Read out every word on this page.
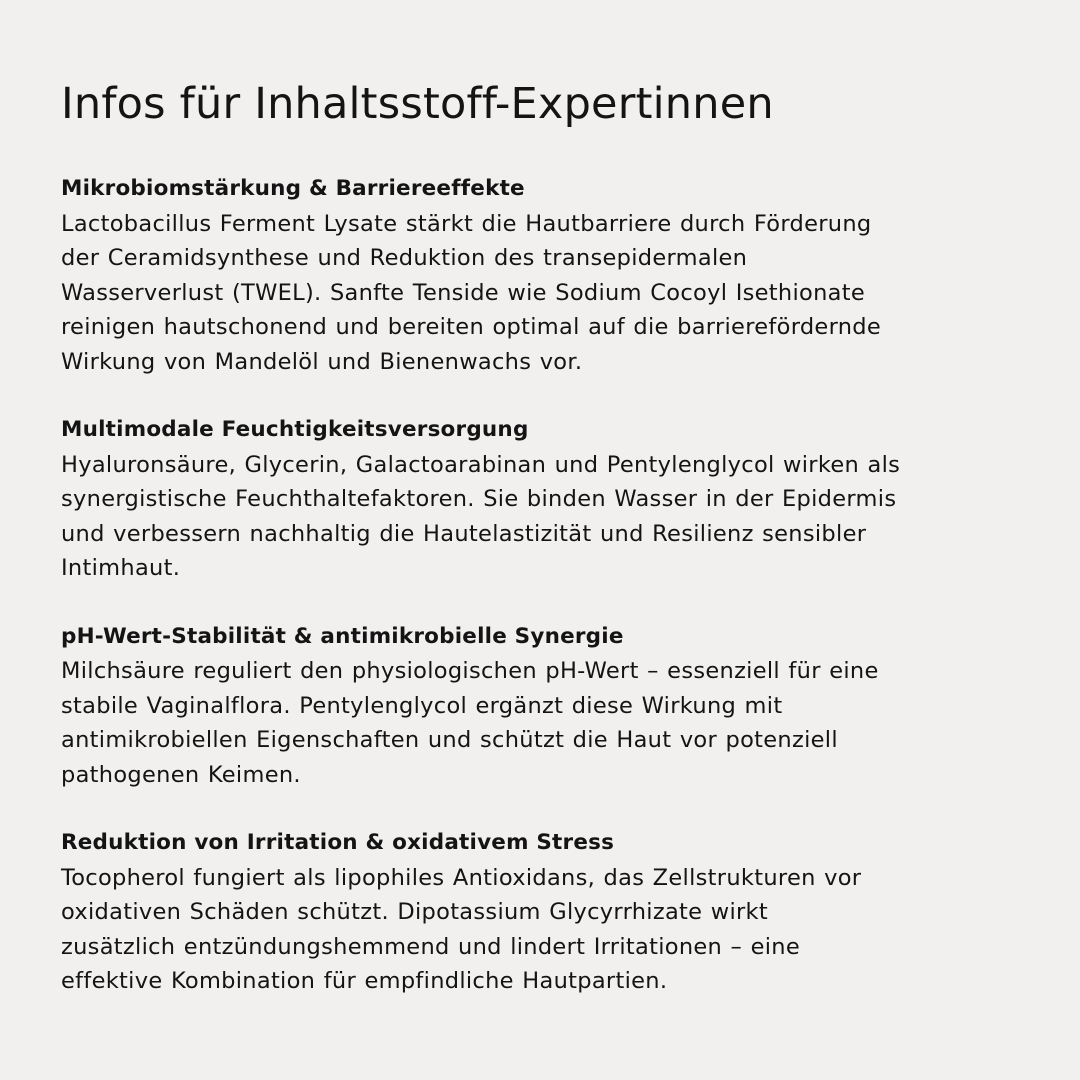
Infos für Inhaltsstoff-Expertinnen

Mikrobiomstärkung & Barriereeffekte

Lactobacillus Ferment Lysate stärkt die Hautbarriere durch Förderung
der Ceramidsynthese und Reduktion des transepidermalen
Wasserverlust (TWEL). Sanfte Tenside wie Sodium Cocoyl Isethionate
reinigen hautschonend und bereiten optimal auf die barrierefördernde
Wirkung von Mandelöl und Bienenwachs vor.

Multimodale Feuchtigkeitsversorgung

Hyaluronsäure, Glycerin, Galactoarabinan und Pentylenglycol wirken als
synergistische Feuchthaltefaktoren. Sie binden Wasser in der Epidermis
und verbessern nachhaltig die Hautelastizität und Resilienz sensibler
Intimhaut.

pH-Wert-Stabilität & antimikrobielle Synergie

Milchsäure reguliert den physiologischen pH-Wert – essenziell für eine
stabile Vaginalflora. Pentylenglycol ergänzt diese Wirkung mit
antimikrobiellen Eigenschaften und schützt die Haut vor potenziell
pathogenen Keimen.

Reduktion von Irritation & oxidativem Stress

Tocopherol fungiert als lipophiles Antioxidans, das Zellstrukturen vor
oxidativen Schäden schützt. Dipotassium Glycyrrhizate wirkt
zusätzlich entzündungshemmend und lindert Irritationen – eine
effektive Kombination für empfindliche Hautpartien.
